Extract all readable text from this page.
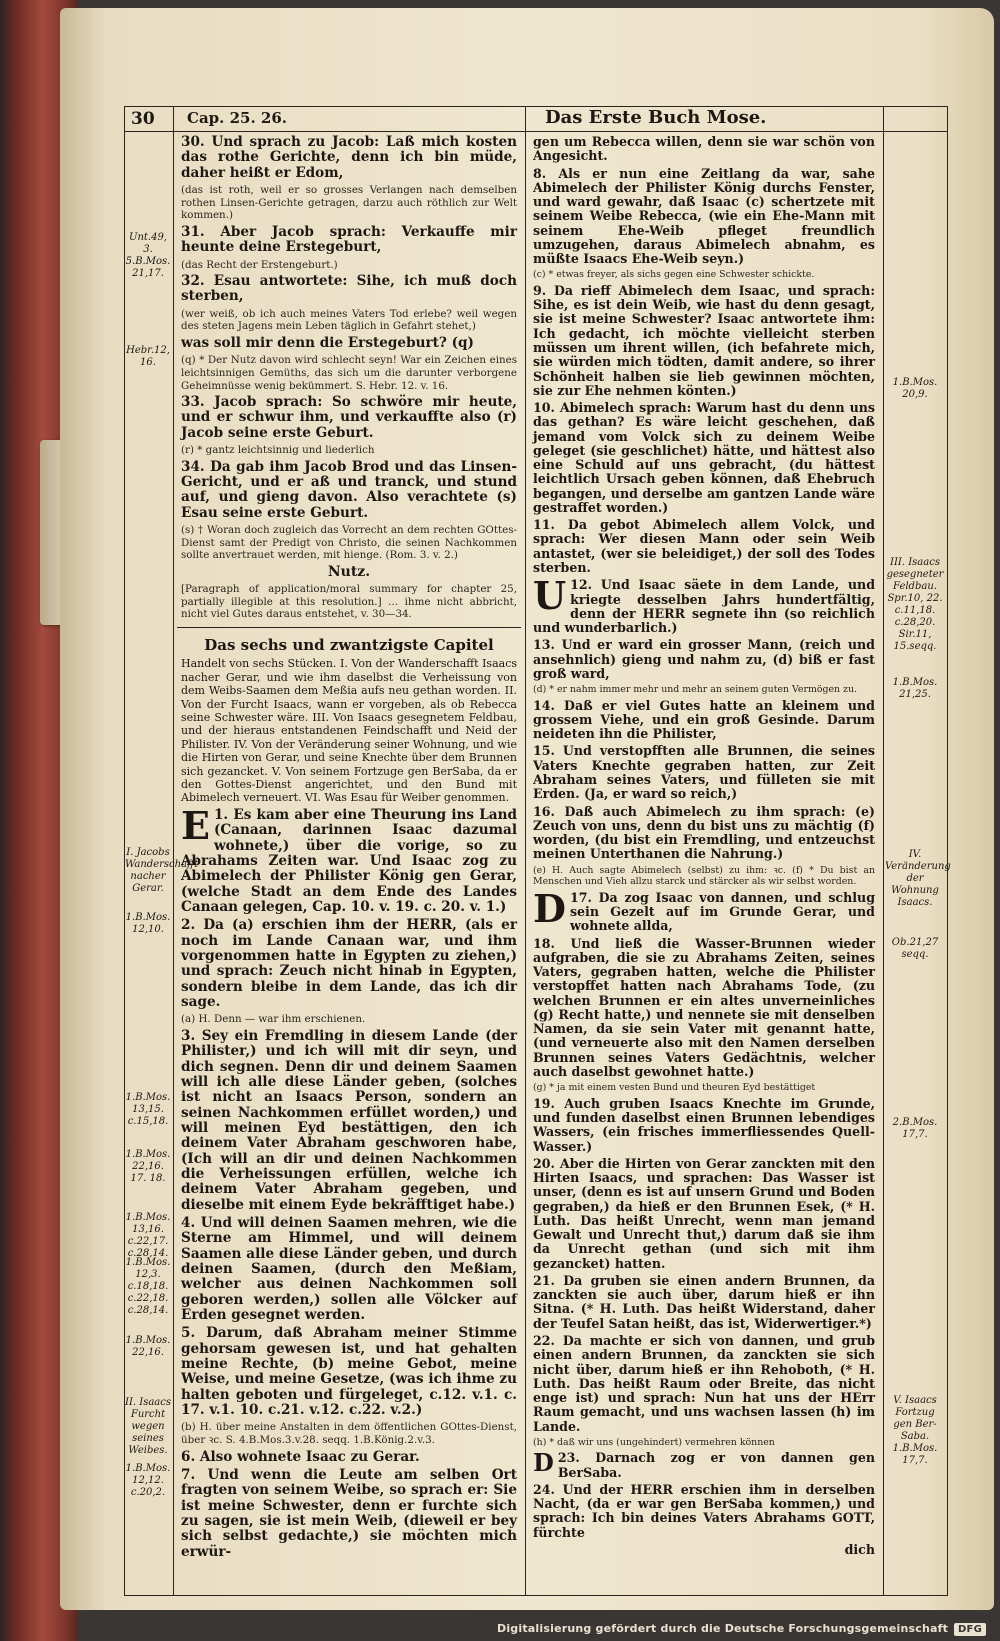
30 Cap. 25. 26.	Das Erste Buch Mose.
Unt.49, 3. 5.B.Mos. 21,17.
Hebr.12, 16.
I. Jacobs Wanderschafft nacher Gerar.
1.B.Mos. 12,10.
1.B.Mos. 13,15. c.15,18.
1.B.Mos. 22,16. 17. 18.
1.B.Mos. 13,16. c.22,17. c.28,14.
1.B.Mos. 12,3. c.18,18. c.22,18. c.28,14.
1.B.Mos. 22,16.
II. Isaacs Furcht wegen seines Weibes.
1.B.Mos. 12,12. c.20,2.
1.B.Mos. 20,9.
III. Isaacs gesegneter Feldbau. Spr.10, 22. c.11,18. c.28,20. Sir.11, 15.seqq.
1.B.Mos. 21,25.
IV. Veränderung der Wohnung Isaacs.
Ob.21,27 seqq.
2.B.Mos. 17,7.
V. Isaacs Fortzug gen Ber-Saba. 1.B.Mos. 17,7.

30. Und sprach zu Jacob: Laß mich kosten das rothe Gerichte, denn ich bin müde, daher heißt er Edom,

(das ist roth, weil er so grosses Verlangen nach demselben rothen Linsen-Gerichte getragen, darzu auch röthlich zur Welt kommen.)

31. Aber Jacob sprach: Verkauffe mir heunte deine Erstegeburt,

(das Recht der Erstengeburt.)

32. Esau antwortete: Sihe, ich muß doch sterben,

(wer weiß, ob ich auch meines Vaters Tod erlebe? weil wegen des steten Jagens mein Leben täglich in Gefahrt stehet,)

was soll mir denn die Erstegeburt? (q)

(q) * Der Nutz davon wird schlecht seyn! War ein Zeichen eines leichtsinnigen Gemüths, das sich um die darunter verborgene Geheimnüsse wenig bekümmert. S. Hebr. 12. v. 16.

33. Jacob sprach: So schwöre mir heute, und er schwur ihm, und verkauffte also (r) Jacob seine erste Geburt.

(r) * gantz leichtsinnig und liederlich

34. Da gab ihm Jacob Brod und das Linsen-Gericht, und er aß und tranck, und stund auf, und gieng davon. Also verachtete (s) Esau seine erste Geburt.

(s) † Woran doch zugleich das Vorrecht an dem rechten GOttes-Dienst samt der Predigt von Christo, die seinen Nachkommen sollte anvertrauet werden, mit hienge. (Rom. 3. v. 2.)

Nutz.

[Paragraph of application/moral summary for chapter 25, partially illegible at this resolution.] … ihme nicht abbricht, nicht viel Gutes daraus entstehet, v. 30—34.

Das sechs und zwantzigste Capitel

Handelt von sechs Stücken. I. Von der Wanderschafft Isaacs nacher Gerar, und wie ihm daselbst die Verheissung von dem Weibs-Saamen dem Meßia aufs neu gethan worden. II. Von der Furcht Isaacs, wann er vorgeben, als ob Rebecca seine Schwester wäre. III. Von Isaacs gesegnetem Feldbau, und der hieraus entstandenen Feindschafft und Neid der Philister. IV. Von der Veränderung seiner Wohnung, und wie die Hirten von Gerar, und seine Knechte über dem Brunnen sich gezancket. V. Von seinem Fortzuge gen BerSaba, da er den Gottes-Dienst angerichtet, und den Bund mit Abimelech verneuert. VI. Was Esau für Weiber genommen.

E 1. Es kam aber eine Theurung ins Land (Canaan, darinnen Isaac dazumal wohnete,) über die vorige, so zu Abrahams Zeiten war. Und Isaac zog zu Abimelech der Philister König gen Gerar, (welche Stadt an dem Ende des Landes Canaan gelegen, Cap. 10. v. 19. c. 20. v. 1.)

2. Da (a) erschien ihm der HERR, (als er noch im Lande Canaan war, und ihm vorgenommen hatte in Egypten zu ziehen,) und sprach: Zeuch nicht hinab in Egypten, sondern bleibe in dem Lande, das ich dir sage.

(a) H. Denn — war ihm erschienen.

3. Sey ein Fremdling in diesem Lande (der Philister,) und ich will mit dir seyn, und dich segnen. Denn dir und deinem Saamen will ich alle diese Länder geben, (solches ist nicht an Isaacs Person, sondern an seinen Nachkommen erfüllet worden,) und will meinen Eyd bestättigen, den ich deinem Vater Abraham geschworen habe, (Ich will an dir und deinen Nachkommen die Verheissungen erfüllen, welche ich deinem Vater Abraham gegeben, und dieselbe mit einem Eyde bekräfftiget habe.)

4. Und will deinen Saamen mehren, wie die Sterne am Himmel, und will deinem Saamen alle diese Länder geben, und durch deinen Saamen, (durch den Meßiam, welcher aus deinen Nachkommen soll geboren werden,) sollen alle Völcker auf Erden gesegnet werden.

5. Darum, daß Abraham meiner Stimme gehorsam gewesen ist, und hat gehalten meine Rechte, (b) meine Gebot, meine Weise, und meine Gesetze, (was ich ihme zu halten geboten und fürgeleget, c.12. v.1. c. 17. v.1. 10. c.21. v.12. c.22. v.2.)

(b) H. über meine Anstalten in dem öffentlichen GOttes-Dienst, über ꝛc. S. 4.B.Mos.3.v.28. seqq. 1.B.König.2.v.3.

6. Also wohnete Isaac zu Gerar.

7. Und wenn die Leute am selben Ort fragten von seinem Weibe, so sprach er: Sie ist meine Schwester, denn er furchte sich zu sagen, sie ist mein Weib, (dieweil er bey sich selbst gedachte,) sie möchten mich erwür-

gen um Rebecca willen, denn sie war schön von Angesicht.

8. Als er nun eine Zeitlang da war, sahe Abimelech der Philister König durchs Fenster, und ward gewahr, daß Isaac (c) schertzete mit seinem Weibe Rebecca, (wie ein Ehe-Mann mit seinem Ehe-Weib pfleget freundlich umzugehen, daraus Abimelech abnahm, es müßte Isaacs Ehe-Weib seyn.)

(c) * etwas freyer, als sichs gegen eine Schwester schickte.

9. Da rieff Abimelech dem Isaac, und sprach: Sihe, es ist dein Weib, wie hast du denn gesagt, sie ist meine Schwester? Isaac antwortete ihm: Ich gedacht, ich möchte vielleicht sterben müssen um ihrent willen, (ich befahrete mich, sie würden mich tödten, damit andere, so ihrer Schönheit halben sie lieb gewinnen möchten, sie zur Ehe nehmen könten.)

10. Abimelech sprach: Warum hast du denn uns das gethan? Es wäre leicht geschehen, daß jemand vom Volck sich zu deinem Weibe geleget (sie geschlichet) hätte, und hättest also eine Schuld auf uns gebracht, (du hättest leichtlich Ursach geben können, daß Ehebruch begangen, und derselbe am gantzen Lande wäre gestraffet worden.)

11. Da gebot Abimelech allem Volck, und sprach: Wer diesen Mann oder sein Weib antastet, (wer sie beleidiget,) der soll des Todes sterben.

U 12. Und Isaac säete in dem Lande, und kriegte desselben Jahrs hundertfältig, denn der HERR segnete ihn (so reichlich und wunderbarlich.)

13. Und er ward ein grosser Mann, (reich und ansehnlich) gieng und nahm zu, (d) biß er fast groß ward,

(d) * er nahm immer mehr und mehr an seinem guten Vermögen zu.

14. Daß er viel Gutes hatte an kleinem und grossem Viehe, und ein groß Gesinde. Darum neideten ihn die Philister,

15. Und verstopfften alle Brunnen, die seines Vaters Knechte gegraben hatten, zur Zeit Abraham seines Vaters, und fülleten sie mit Erden. (Ja, er ward so reich,)

16. Daß auch Abimelech zu ihm sprach: (e) Zeuch von uns, denn du bist uns zu mächtig (f) worden, (du bist ein Fremdling, und entzeuchst meinen Unterthanen die Nahrung.)

(e) H. Auch sagte Abimelech (selbst) zu ihm: ꝛc. (f) * Du bist an Menschen und Vieh allzu starck und stärcker als wir selbst worden.

D 17. Da zog Isaac von dannen, und schlug sein Gezelt auf im Grunde Gerar, und wohnete allda,

18. Und ließ die Wasser-Brunnen wieder aufgraben, die sie zu Abrahams Zeiten, seines Vaters, gegraben hatten, welche die Philister verstopffet hatten nach Abrahams Tode, (zu welchen Brunnen er ein altes unverneinliches (g) Recht hatte,) und nennete sie mit denselben Namen, da sie sein Vater mit genannt hatte, (und verneuerte also mit den Namen derselben Brunnen seines Vaters Gedächtnis, welcher auch daselbst gewohnet hatte.)

(g) * ja mit einem vesten Bund und theuren Eyd bestättiget

19. Auch gruben Isaacs Knechte im Grunde, und funden daselbst einen Brunnen lebendiges Wassers, (ein frisches immerfliessendes Quell-Wasser.)

20. Aber die Hirten von Gerar zanckten mit den Hirten Isaacs, und sprachen: Das Wasser ist unser, (denn es ist auf unsern Grund und Boden gegraben,) da hieß er den Brunnen Esek, (* H. Luth. Das heißt Unrecht, wenn man jemand Gewalt und Unrecht thut,) darum daß sie ihm da Unrecht gethan (und sich mit ihm gezancket) hatten.

21. Da gruben sie einen andern Brunnen, da zanckten sie auch über, darum hieß er ihn Sitna. (* H. Luth. Das heißt Widerstand, daher der Teufel Satan heißt, das ist, Widerwertiger.*)

22. Da machte er sich von dannen, und grub einen andern Brunnen, da zanckten sie sich nicht über, darum hieß er ihn Rehoboth, (* H. Luth. Das heißt Raum oder Breite, das nicht enge ist) und sprach: Nun hat uns der HErr Raum gemacht, und uns wachsen lassen (h) im Lande.

(h) * daß wir uns (ungehindert) vermehren können

D 23. Darnach zog er von dannen gen BerSaba.

24. Und der HERR erschien ihm in derselben Nacht, (da er war gen BerSaba kommen,) und sprach: Ich bin deines Vaters Abrahams GOTT, fürchte

dich

Digitalisierung gefördert durch die Deutsche Forschungsgemeinschaft DFG
